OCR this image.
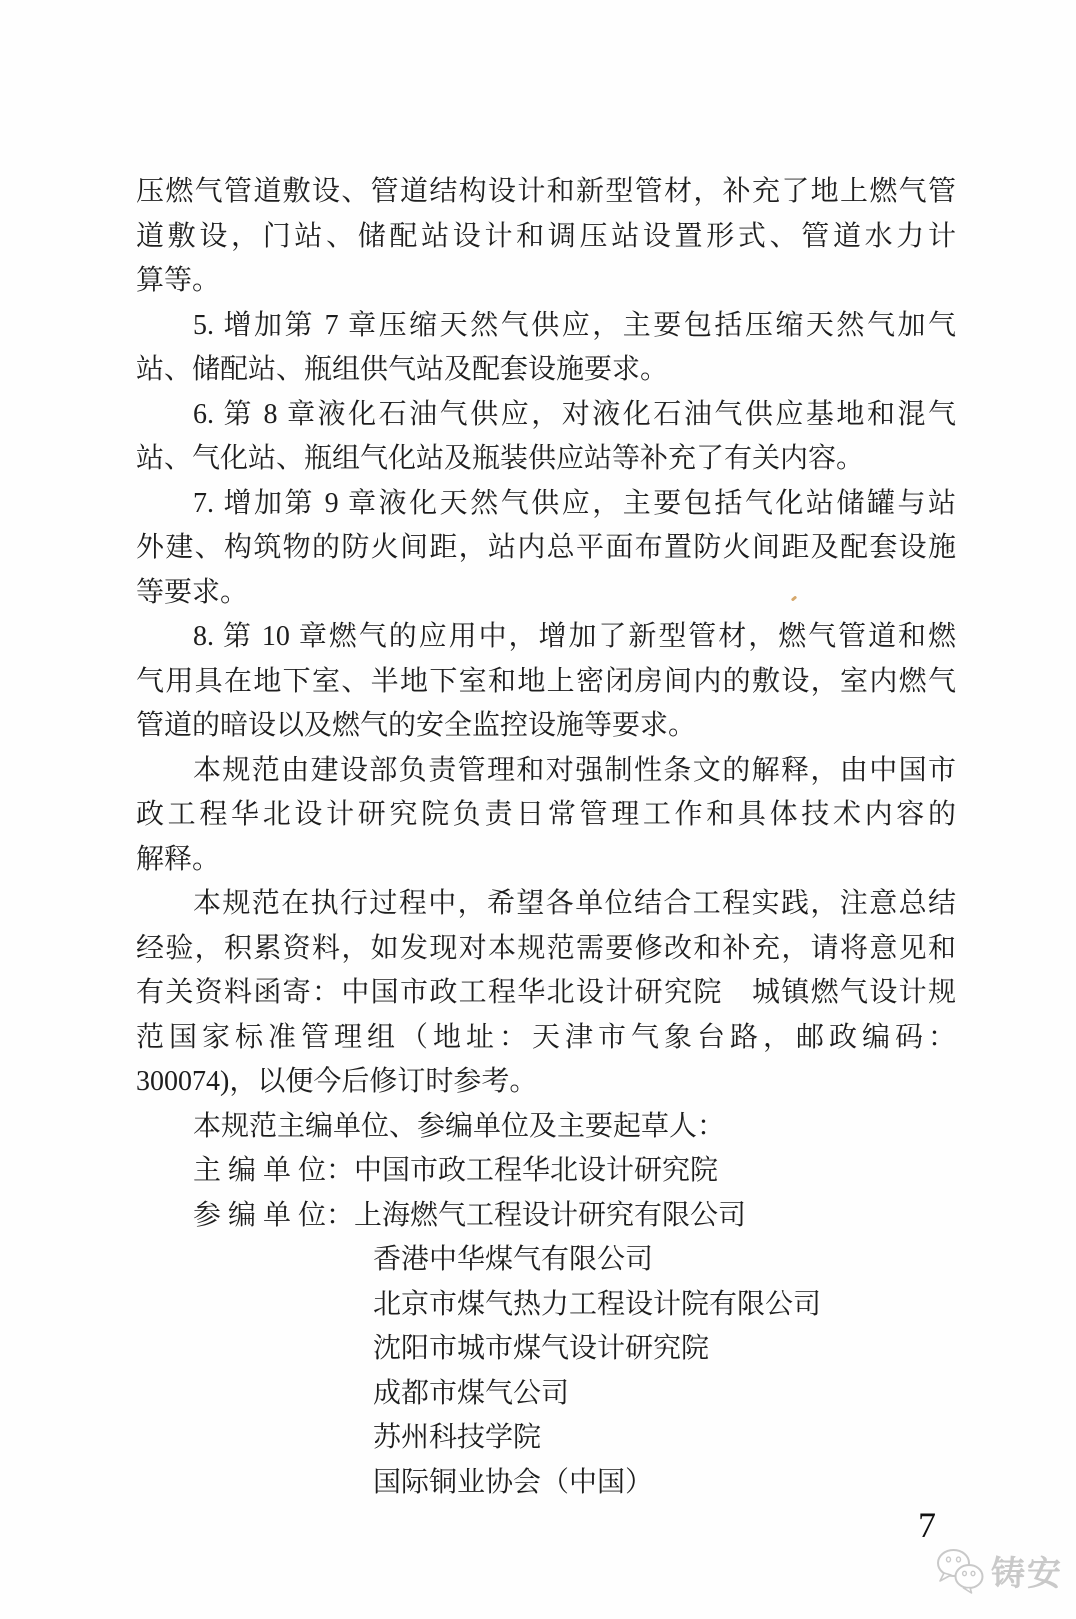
压燃气管道敷设、管道结构设计和新型管材，补充了地上燃气管
道敷设，门站、储配站设计和调压站设置形式、管道水力计
算等。
5. 增加第 7 章压缩天然气供应，主要包括压缩天然气加气
站、储配站、瓶组供气站及配套设施要求。
6. 第 8 章液化石油气供应，对液化石油气供应基地和混气
站、气化站、瓶组气化站及瓶装供应站等补充了有关内容。
7. 增加第 9 章液化天然气供应，主要包括气化站储罐与站
外建、构筑物的防火间距，站内总平面布置防火间距及配套设施
等要求。
8. 第 10 章燃气的应用中，增加了新型管材，燃气管道和燃
气用具在地下室、半地下室和地上密闭房间内的敷设，室内燃气
管道的暗设以及燃气的安全监控设施等要求。
本规范由建设部负责管理和对强制性条文的解释，由中国市
政工程华北设计研究院负责日常管理工作和具体技术内容的
解释。
本规范在执行过程中，希望各单位结合工程实践，注意总结
经验，积累资料，如发现对本规范需要修改和补充，请将意见和
有关资料函寄：中国市政工程华北设计研究院　城镇燃气设计规
范国家标准管理组（地址：天津市气象台路，邮政编码：
300074)，以便今后修订时参考。
本规范主编单位、参编单位及主要起草人：
主 编 单 位：中国市政工程华北设计研究院
参 编 单 位：上海燃气工程设计研究有限公司
香港中华煤气有限公司
北京市煤气热力工程设计院有限公司
沈阳市城市煤气设计研究院
成都市煤气公司
苏州科技学院
国际铜业协会（中国）
7
铸安
